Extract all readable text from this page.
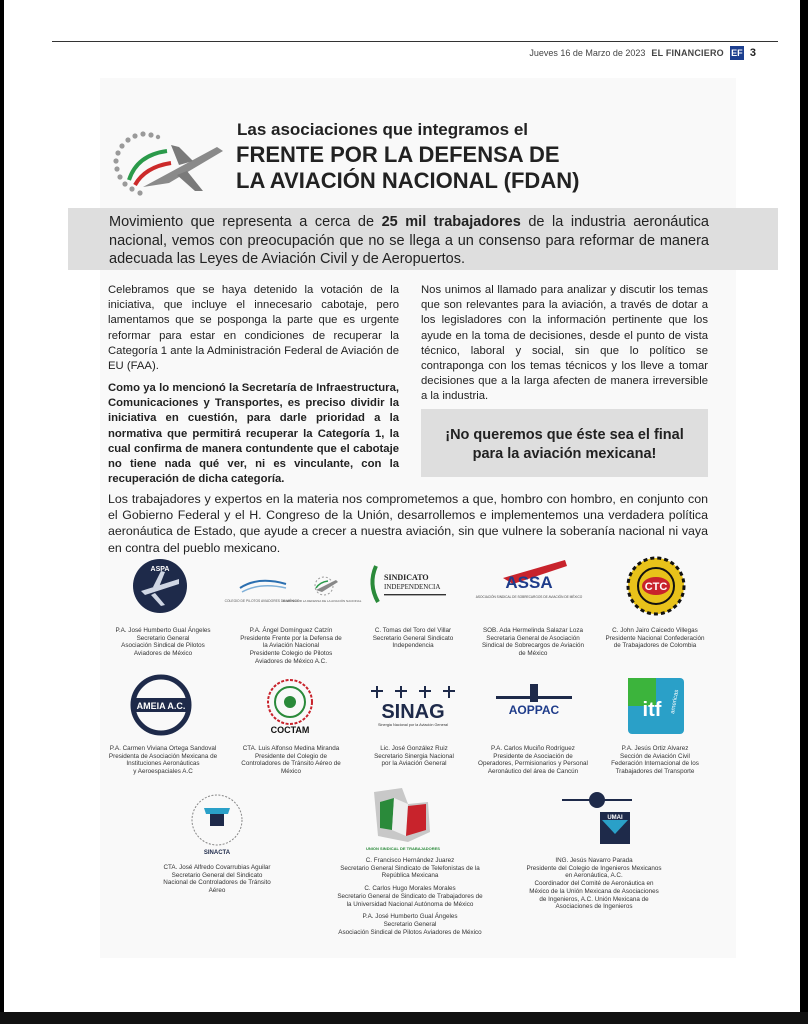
Jueves 16 de Marzo de 2023 EL FINANCIERO EF 3
Las asociaciones que integramos el
FRENTE POR LA DEFENSA DE
LA AVIACIÓN NACIONAL (FDAN)
Movimiento que representa a cerca de 25 mil trabajadores de la industria aeronáutica nacional, vemos con preocupación que no se llega a un consenso para reformar de manera adecuada las Leyes de Aviación Civil y de Aeropuertos.
Celebramos que se haya detenido la votación de la iniciativa, que incluye el innecesario cabotaje, pero lamentamos que se posponga la parte que es urgente reformar para estar en condiciones de recuperar la Categoría 1 ante la Administración Federal de Aviación de EU (FAA).
Como ya lo mencionó la Secretaría de Infraestructura, Comunicaciones y Transportes, es preciso dividir la iniciativa en cuestión, para darle prioridad a la normativa que permitirá recuperar la Categoría 1, la cual confirma de manera contundente que el cabotaje no tiene nada qué ver, ni es vinculante, con la recuperación de dicha categoría.
Nos unimos al llamado para analizar y discutir los temas que son relevantes para la aviación, a través de dotar a los legisladores con la información pertinente que los ayude en la toma de decisiones, desde el punto de vista técnico, laboral y social, sin que lo político se contraponga con los temas técnicos y los lleve a tomar decisiones que a la larga afecten de manera irreversible a la industria.
¡No queremos que éste sea el final
para la aviación mexicana!
Los trabajadores y expertos en la materia nos comprometemos a que, hombro con hombro, en conjunto con el Gobierno Federal y el H. Congreso de la Unión, desarrollemos e implementemos una verdadera política aeronáutica de Estado, que ayude a crecer a nuestra aviación, sin que vulnere la soberanía nacional ni vaya en contra del pueblo mexicano.
ASPA
COLEGIO DE PILOTOS AVIADORES DE MÉXICO
FRENTE POR LA DEFENSA DE LA AVIACIÓN NACIONAL
SINDICATO
INDEPENDENCIA	ASSA
ASOCIACIÓN SINDICAL DE SOBRECARGOS DE AVIACIÓN DE MÉXICO
CTC
P.A. José Humberto Gual Ángeles
Secretario General
Asociación Sindical de Pilotos
Aviadores de México
P.A. Ángel Domínguez Catzín
Presidente Frente por la Defensa de
la Aviación Nacional
Presidente Colegio de Pilotos
Aviadores de México A.C.
C. Tomas del Toro del Villar
Secretario General Sindicato
Independencia
SOB. Ada Hermelinda Salazar Loza
Secretaria General de Asociación
Sindical de Sobrecargos de Aviación
de México
C. John Jairo Caicedo Villegas
Presidente Nacional Confederación
de Trabajadores de Colombia
AMEIA A.C.
COCTAM
SINAG
Sinergia Nacional por la Aviación General
AOPPAC	itf americas
P.A. Carmen Viviana Ortega Sandoval
Presidenta de Asociación Mexicana de
Instituciones Aeronáuticas
y Aeroespaciales A.C
CTA. Luis Alfonso Medina Miranda
Presidente del Colegio de
Controladores de Tránsito Aéreo de
México
Lic. José González Ruiz
Secretario Sinergia Nacional
por la Aviación General
P.A. Carlos Muciño Rodríguez
Presidente de Asociación de
Operadores, Permisionarios y Personal
Aeronáutico del área de Cancún
P.A. Jesús Ortiz Alvarez
Sección de Aviación Civil
Federación Internacional de los
Trabajadores del Transporte
SINACTA
UNION SINDICAL DE TRABAJADORES
UMAI
CTA. José Alfredo Covarrubias Aguilar
Secretario General del Sindicato
Nacional de Controladores de Tránsito
Aéreo
C. Francisco Hernández Juarez
Secretario General Sindicato de Telefonistas de la
República Mexicana
C. Carlos Hugo Morales Morales
Secretario General de Sindicato de Trabajadores de
la Universidad Nacional Autónoma de México
P.A. José Humberto Gual Ángeles
Secretario General
Asociación Sindical de Pilotos Aviadores de México
ING. Jesús Navarro Parada
Presidente del Colegio de Ingenieros Mexicanos
en Aeronáutica, A.C.
Coordinador del Comité de Aeronáutica en
México de la Unión Mexicana de Asociaciones
de Ingenieros, A.C. Unión Mexicana de
Asociaciones de Ingenieros
